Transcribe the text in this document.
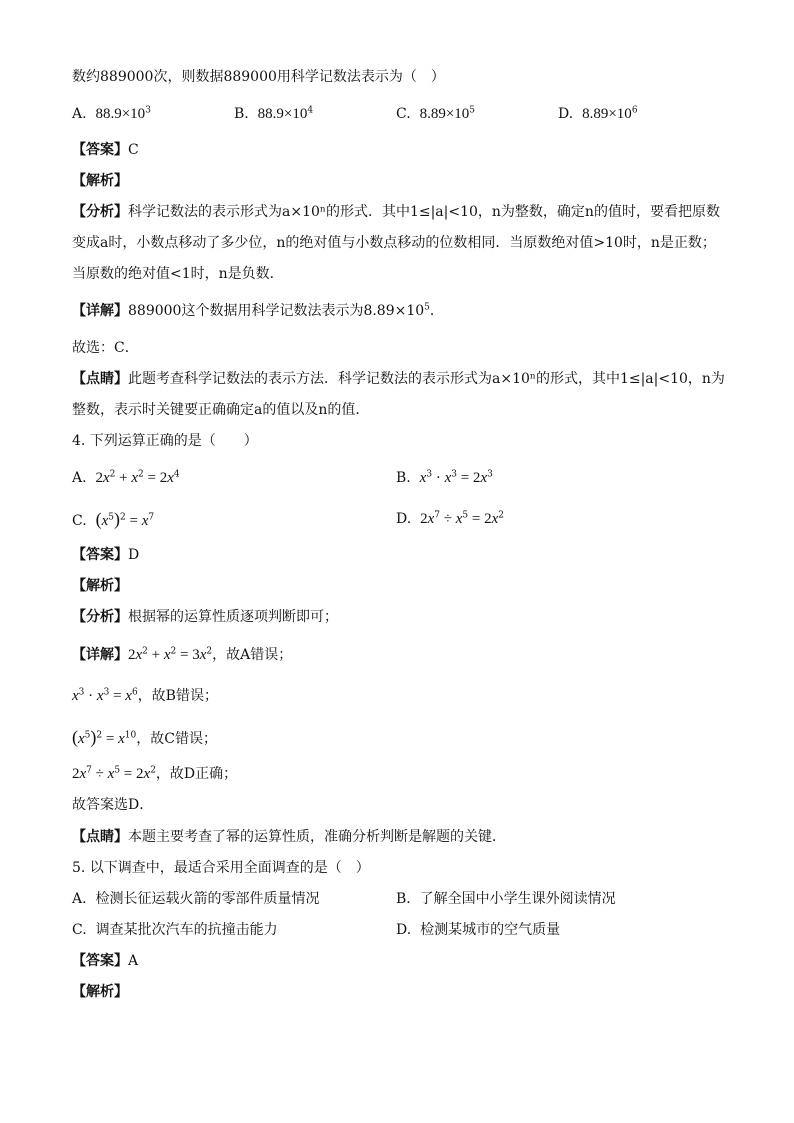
数约889000次，则数据889000用科学记数法表示为（　）
A. $88.9\times 10^3$	B. $88.9\times 10^4$	C. $8.89\times 10^5$	D. $8.89\times 10^6$
【答案】C
【解析】
【分析】科学记数法的表示形式为a×10ⁿ的形式．其中1≤|a|<10，n为整数，确定n的值时，要看把原数
变成a时，小数点移动了多少位，n的绝对值与小数点移动的位数相同．当原数绝对值>10时，n是正数；
当原数的绝对值<1时，n是负数．
【详解】889000这个数据用科学记数法表示为$8.89\times 10^5$．
故选：C．
【点睛】此题考查科学记数法的表示方法．科学记数法的表示形式为a×10ⁿ的形式，其中1≤|a|<10，n为
整数，表示时关键要正确确定a的值以及n的值．
4. 下列运算正确的是（　　）
A. $2x^2 + x^2 = 2x^4$	B. $x^3 \cdot x^3 = 2x^3$
C. $(x^5)^2 = x^7$	D. $2x^7 \div x^5 = 2x^2$
【答案】D
【解析】
【分析】根据幂的运算性质逐项判断即可；
【详解】$2x^2 + x^2 = 3x^2$，故A错误；
$x^3 \cdot x^3 = x^6$，故B错误；
$(x^5)^2 = x^{10}$，故C错误；
$2x^7 \div x^5 = 2x^2$，故D正确；
故答案选D．
【点睛】本题主要考查了幂的运算性质，准确分析判断是解题的关键．
5. 以下调查中，最适合采用全面调查的是（　）
A. 检测长征运载火箭的零部件质量情况	B. 了解全国中小学生课外阅读情况
C. 调查某批次汽车的抗撞击能力	D. 检测某城市的空气质量
【答案】A
【解析】
